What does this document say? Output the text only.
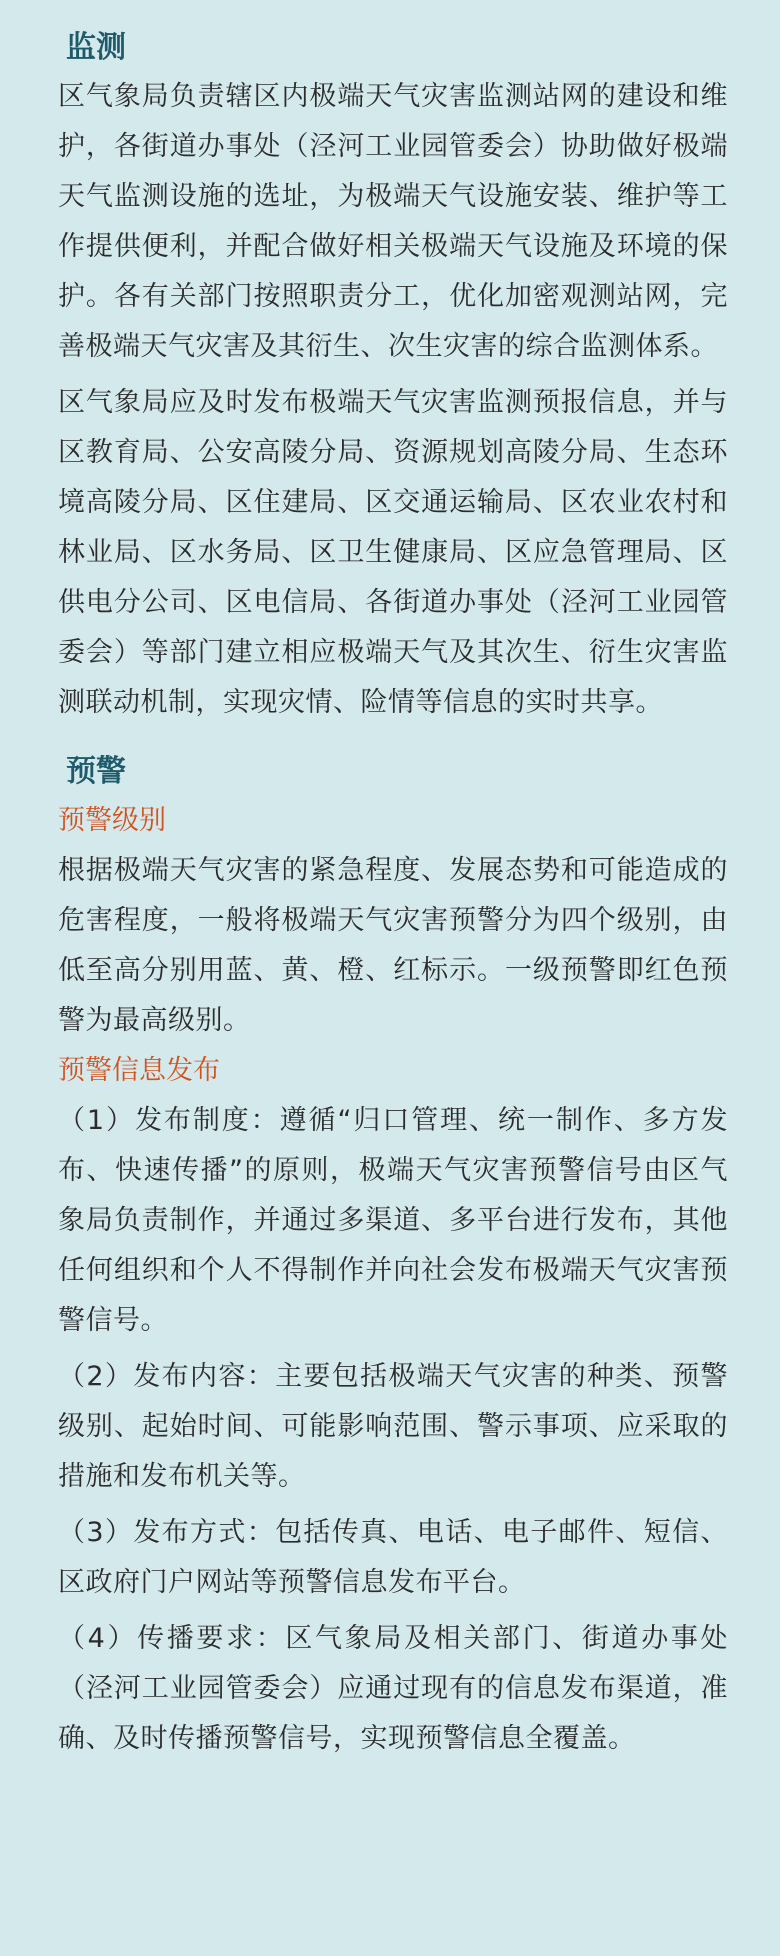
监测

区气象局负责辖区内极端天气灾害监测站网的建设和维护，各街道办事处（泾河工业园管委会）协助做好极端天气监测设施的选址，为极端天气设施安装、维护等工作提供便利，并配合做好相关极端天气设施及环境的保护。各有关部门按照职责分工，优化加密观测站网，完善极端天气灾害及其衍生、次生灾害的综合监测体系。

区气象局应及时发布极端天气灾害监测预报信息，并与区教育局、公安高陵分局、资源规划高陵分局、生态环境高陵分局、区住建局、区交通运输局、区农业农村和林业局、区水务局、区卫生健康局、区应急管理局、区供电分公司、区电信局、各街道办事处（泾河工业园管委会）等部门建立相应极端天气及其次生、衍生灾害监测联动机制，实现灾情、险情等信息的实时共享。

预警
预警级别

根据极端天气灾害的紧急程度、发展态势和可能造成的危害程度，一般将极端天气灾害预警分为四个级别，由低至高分别用蓝、黄、橙、红标示。一级预警即红色预警为最高级别。

预警信息发布

（1）发布制度：遵循“归口管理、统一制作、多方发布、快速传播”的原则，极端天气灾害预警信号由区气象局负责制作，并通过多渠道、多平台进行发布，其他任何组织和个人不得制作并向社会发布极端天气灾害预警信号。

（2）发布内容：主要包括极端天气灾害的种类、预警级别、起始时间、可能影响范围、警示事项、应采取的措施和发布机关等。

（3）发布方式：包括传真、电话、电子邮件、短信、区政府门户网站等预警信息发布平台。

（4）传播要求：区气象局及相关部门、街道办事处（泾河工业园管委会）应通过现有的信息发布渠道，准确、及时传播预警信号，实现预警信息全覆盖。
